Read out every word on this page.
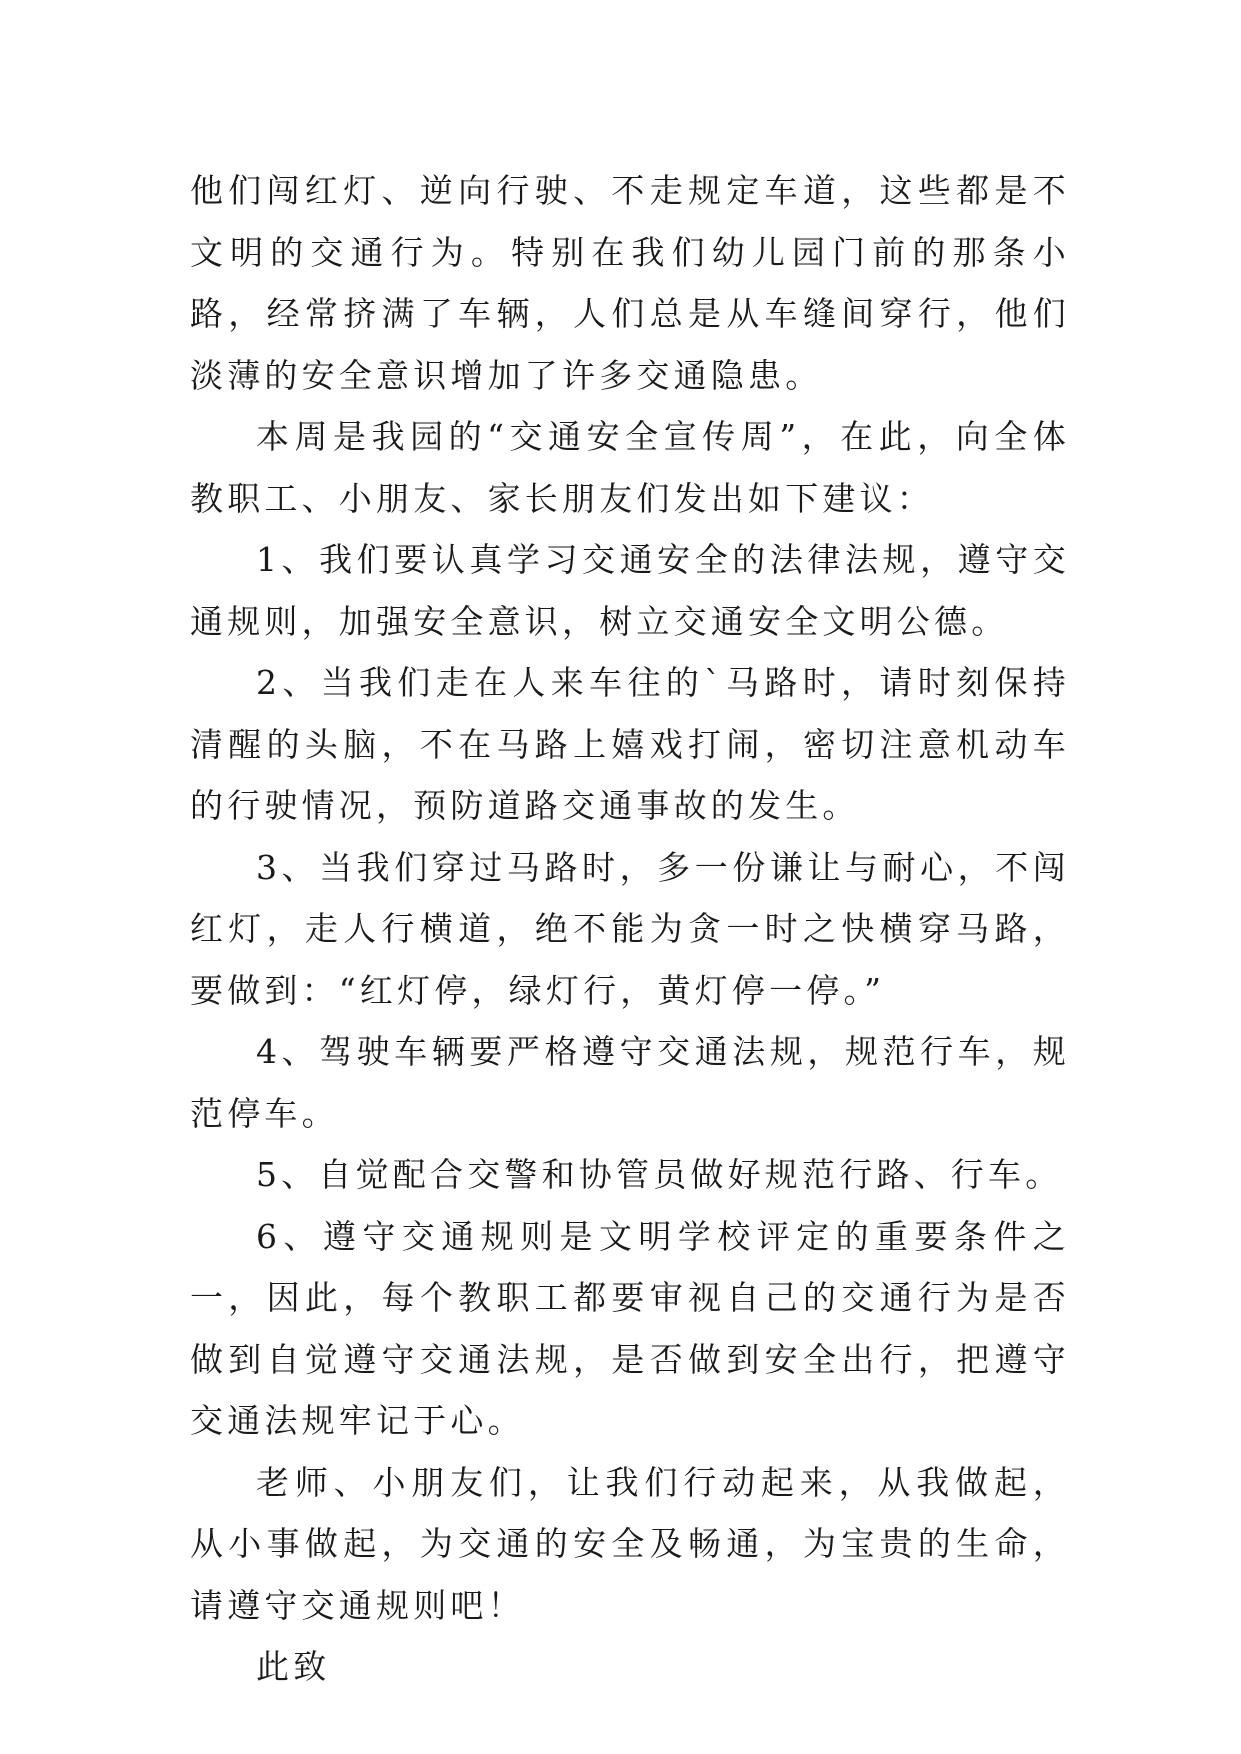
他们闯红灯、逆向行驶、不走规定车道，这些都是不文明的交通行为。特别在我们幼儿园门前的那条小路，经常挤满了车辆，人们总是从车缝间穿行，他们淡薄的安全意识增加了许多交通隐患。

本周是我园的“交通安全宣传周”，在此，向全体教职工、小朋友、家长朋友们发出如下建议：

1、我们要认真学习交通安全的法律法规，遵守交通规则，加强安全意识，树立交通安全文明公德。

2、当我们走在人来车往的`马路时，请时刻保持清醒的头脑，不在马路上嬉戏打闹，密切注意机动车的行驶情况，预防道路交通事故的发生。

3、当我们穿过马路时，多一份谦让与耐心，不闯红灯，走人行横道，绝不能为贪一时之快横穿马路，要做到：“红灯停，绿灯行，黄灯停一停。”

4、驾驶车辆要严格遵守交通法规，规范行车，规范停车。

5、自觉配合交警和协管员做好规范行路、行车。

6、遵守交通规则是文明学校评定的重要条件之一，因此，每个教职工都要审视自己的交通行为是否做到自觉遵守交通法规，是否做到安全出行，把遵守交通法规牢记于心。

老师、小朋友们，让我们行动起来，从我做起，从小事做起，为交通的安全及畅通，为宝贵的生命，请遵守交通规则吧！

此致
